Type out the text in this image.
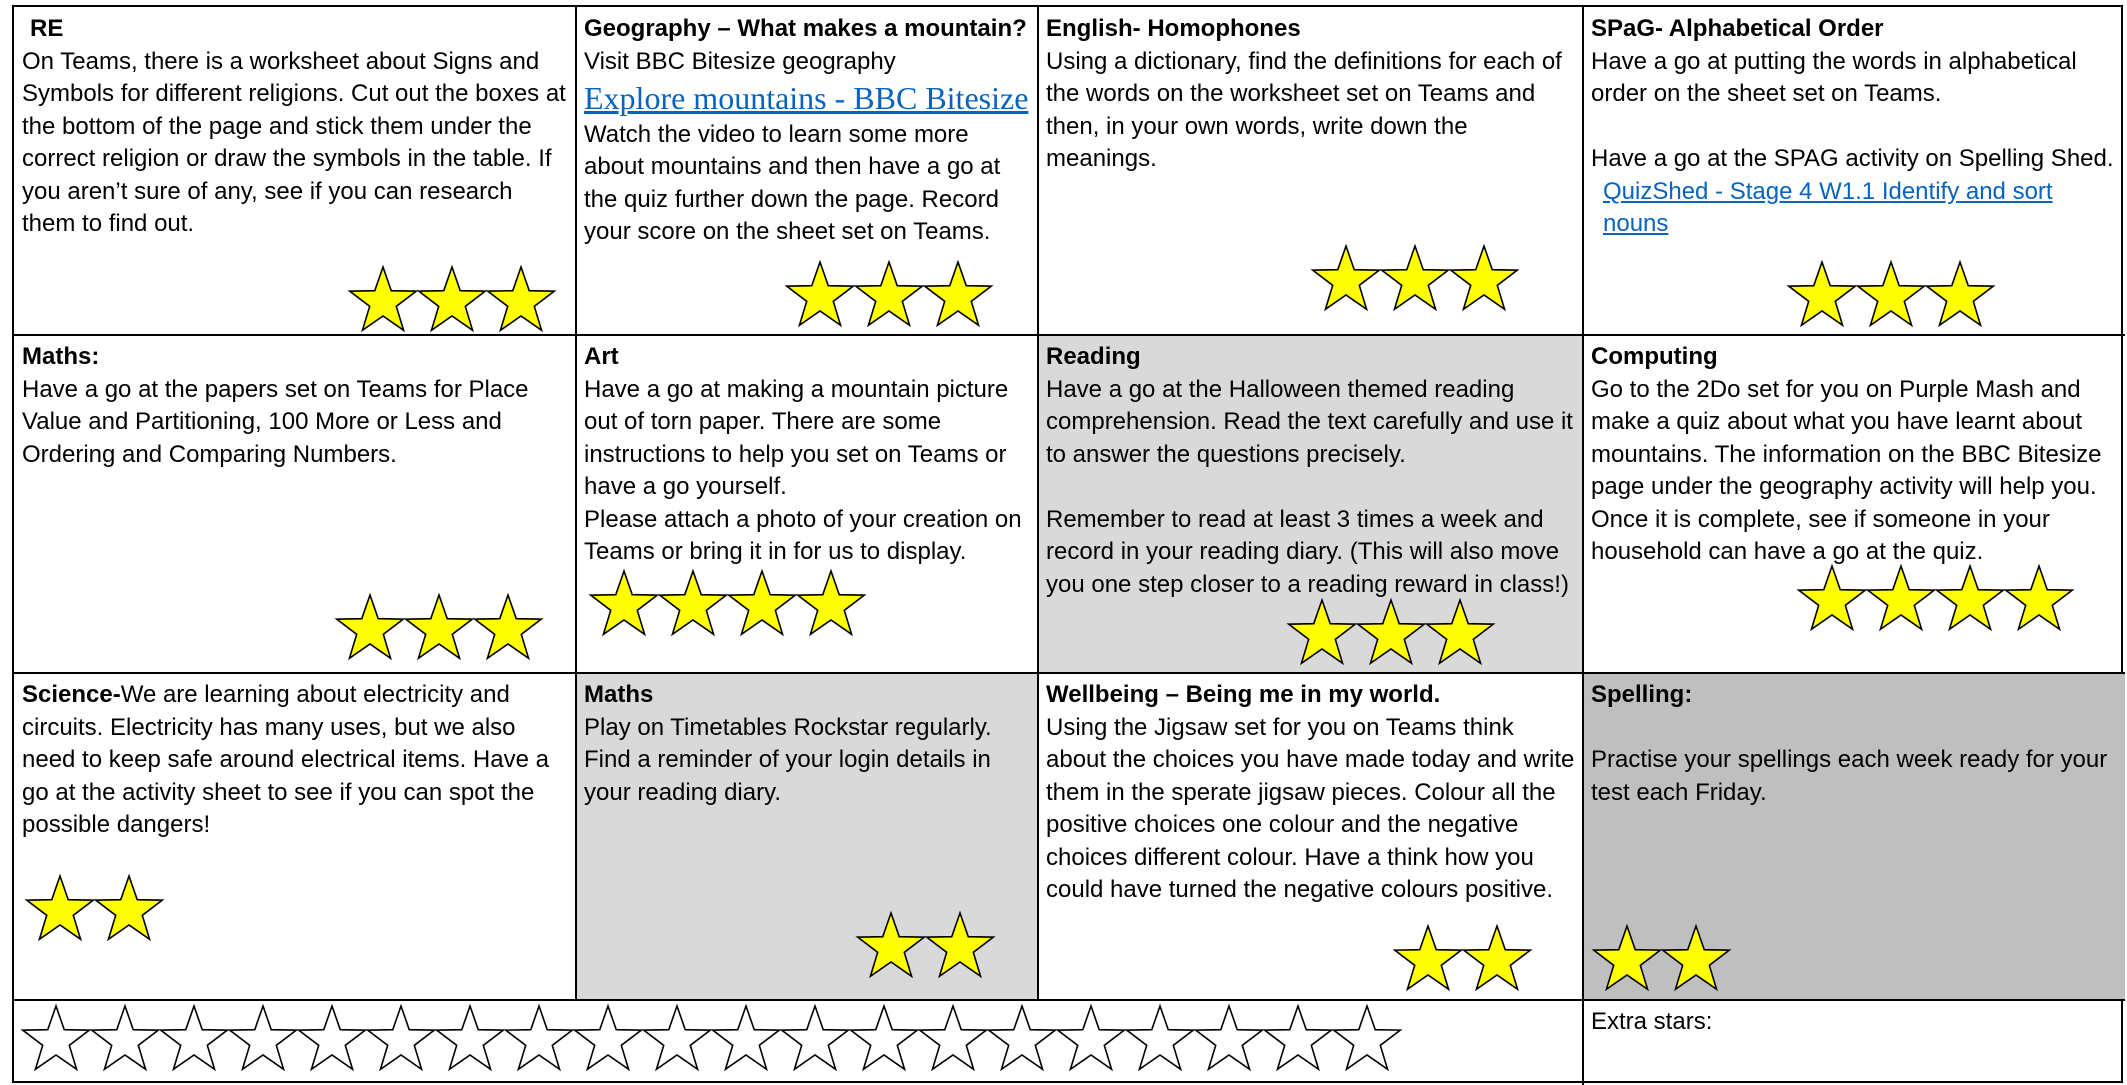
RE

On Teams, there is a worksheet about Signs and Symbols for different religions. Cut out the boxes at the bottom of the page and stick them under the correct religion or draw the symbols in the table. If you aren’t sure of any, see if you can research them to find out.

Geography – What makes a mountain?

Visit BBC Bitesize geography

Explore mountains - BBC Bitesize Watch the video to learn some more about mountains and then have a go at the quiz further down the page. Record your score on the sheet set on Teams.

English- Homophones

Using a dictionary, find the definitions for each of the words on the worksheet set on Teams and then, in your own words, write down the meanings.

SPaG- Alphabetical Order

Have a go at putting the words in alphabetical order on the sheet set on Teams.

Have a go at the SPAG activity on Spelling Shed.

QuizShed - Stage 4 W1.1 Identify and sort nouns

Maths:

Have a go at the papers set on Teams for Place Value and Partitioning, 100 More or Less and Ordering and Comparing Numbers.

Art

Have a go at making a mountain picture out of torn paper. There are some instructions to help you set on Teams or have a go yourself.

Please attach a photo of your creation on Teams or bring it in for us to display.

Reading

Have a go at the Halloween themed reading comprehension. Read the text carefully and use it to answer the questions precisely.

Remember to read at least 3 times a week and record in your reading diary. (This will also move you one step closer to a reading reward in class!)

Computing

Go to the 2Do set for you on Purple Mash and make a quiz about what you have learnt about mountains. The information on the BBC Bitesize page under the geography activity will help you. Once it is complete, see if someone in your household can have a go at the quiz.

Science-We are learning about electricity and circuits. Electricity has many uses, but we also need to keep safe around electrical items. Have a go at the activity sheet to see if you can spot the possible dangers!

Maths

Play on Timetables Rockstar regularly. Find a reminder of your login details in your reading diary.

Wellbeing – Being me in my world.

Using the Jigsaw set for you on Teams think about the choices you have made today and write them in the sperate jigsaw pieces. Colour all the positive choices one colour and the negative choices different colour. Have a think how you could have turned the negative colours positive.

Spelling:

Practise your spellings each week ready for your test each Friday.

Extra stars:
